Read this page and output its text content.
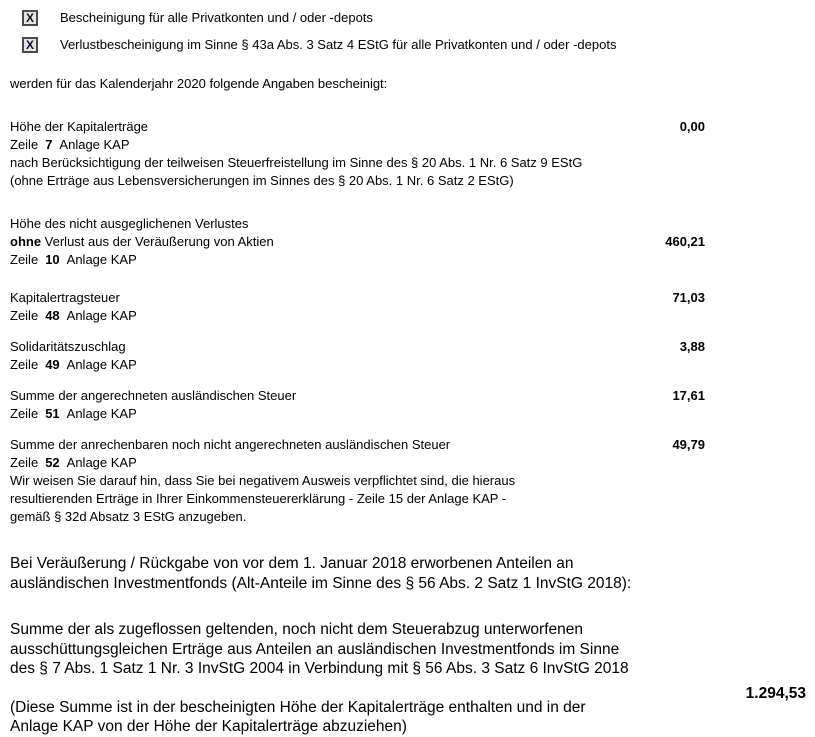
X	Bescheinigung für alle Privatkonten und / oder -depots
X	Verlustbescheinigung im Sinne § 43a Abs. 3 Satz 4 EStG für alle Privatkonten und / oder -depots
werden für das Kalenderjahr 2020 folgende Angaben bescheinigt:
Höhe der Kapitalerträge	0,00
Zeile 7 Anlage KAP
nach Berücksichtigung der teilweisen Steuerfreistellung im Sinne des § 20 Abs. 1 Nr. 6 Satz 9 EStG
(ohne Erträge aus Lebensversicherungen im Sinnes des § 20 Abs. 1 Nr. 6 Satz 2 EStG)
Höhe des nicht ausgeglichenen Verlustes
ohne Verlust aus der Veräußerung von Aktien	460,21
Zeile 10 Anlage KAP
Kapitalertragsteuer	71,03
Zeile 48 Anlage KAP
Solidaritätszuschlag	3,88
Zeile 49 Anlage KAP
Summe der angerechneten ausländischen Steuer	17,61
Zeile 51 Anlage KAP
Summe der anrechenbaren noch nicht angerechneten ausländischen Steuer	49,79
Zeile 52 Anlage KAP
Wir weisen Sie darauf hin, dass Sie bei negativem Ausweis verpflichtet sind, die hieraus
resultierenden Erträge in Ihrer Einkommensteuererklärung - Zeile 15 der Anlage KAP -
gemäß § 32d Absatz 3 EStG anzugeben.
Bei Veräußerung / Rückgabe von vor dem 1. Januar 2018 erworbenen Anteilen an
ausländischen Investmentfonds (Alt-Anteile im Sinne des § 56 Abs. 2 Satz 1 InvStG 2018):
Summe der als zugeflossen geltenden, noch nicht dem Steuerabzug unterworfenen
ausschüttungsgleichen Erträge aus Anteilen an ausländischen Investmentfonds im Sinne
des § 7 Abs. 1 Satz 1 Nr. 3 InvStG 2004 in Verbindung mit § 56 Abs. 3 Satz 6 InvStG 2018
1.294,53
(Diese Summe ist in der bescheinigten Höhe der Kapitalerträge enthalten und in der
Anlage KAP von der Höhe der Kapitalerträge abzuziehen)
